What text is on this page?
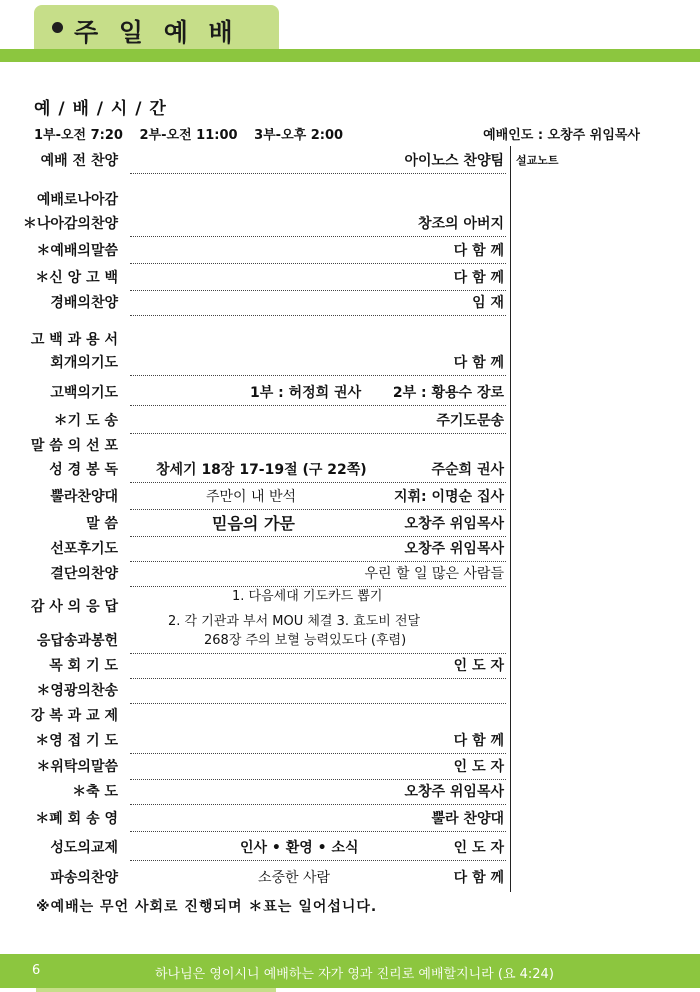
주 일 예 배
예 / 배 / 시 / 간
1부-오전 7:20 2부-오전 11:00 3부-오후 2:00	예배인도 : 오창주 위임목사
설교노트
예배 전 찬양	아이노스 찬양팀
예배로나아감
＊나아감의찬양	창조의 아버지
＊예배의말씀	다 함 께
＊신 앙 고 백	다 함 께
경배의찬양	임 재
고 백 과 용 서
회개의기도	다 함 께
고백의기도	1부 : 허정희 권사 2부 : 황용수 장로
＊기 도 송	주기도문송
말 씀 의 선 포
성 경 봉 독	창세기 18장 17-19절 (구 22쪽)	주순희 권사
뿔라찬양대	주만이 내 반석	지휘: 이명순 집사
말 씀	믿음의 가문	오창주 위임목사
선포후기도	오창주 위임목사
결단의찬양	우린 할 일 많은 사람들
감 사 의 응 답
1. 다음세대 기도카드 뽑기
2. 각 기관과 부서 MOU 체결 3. 효도비 전달
응답송과봉헌	268장 주의 보혈 능력있도다 (후렴)
목 회 기 도	인 도 자
＊영광의찬송
강 복 과 교 제
＊영 접 기 도	다 함 께
＊위탁의말씀	인 도 자
＊축 도	오창주 위임목사
＊폐 회 송 영	뿔라 찬양대
성도의교제	인사 • 환영 • 소식	인 도 자
파송의찬양	소중한 사람	다 함 께
※예배는 무언 사회로 진행되며 ＊표는 일어섭니다.
6	하나님은 영이시니 예배하는 자가 영과 진리로 예배할지니라 (요 4:24)
